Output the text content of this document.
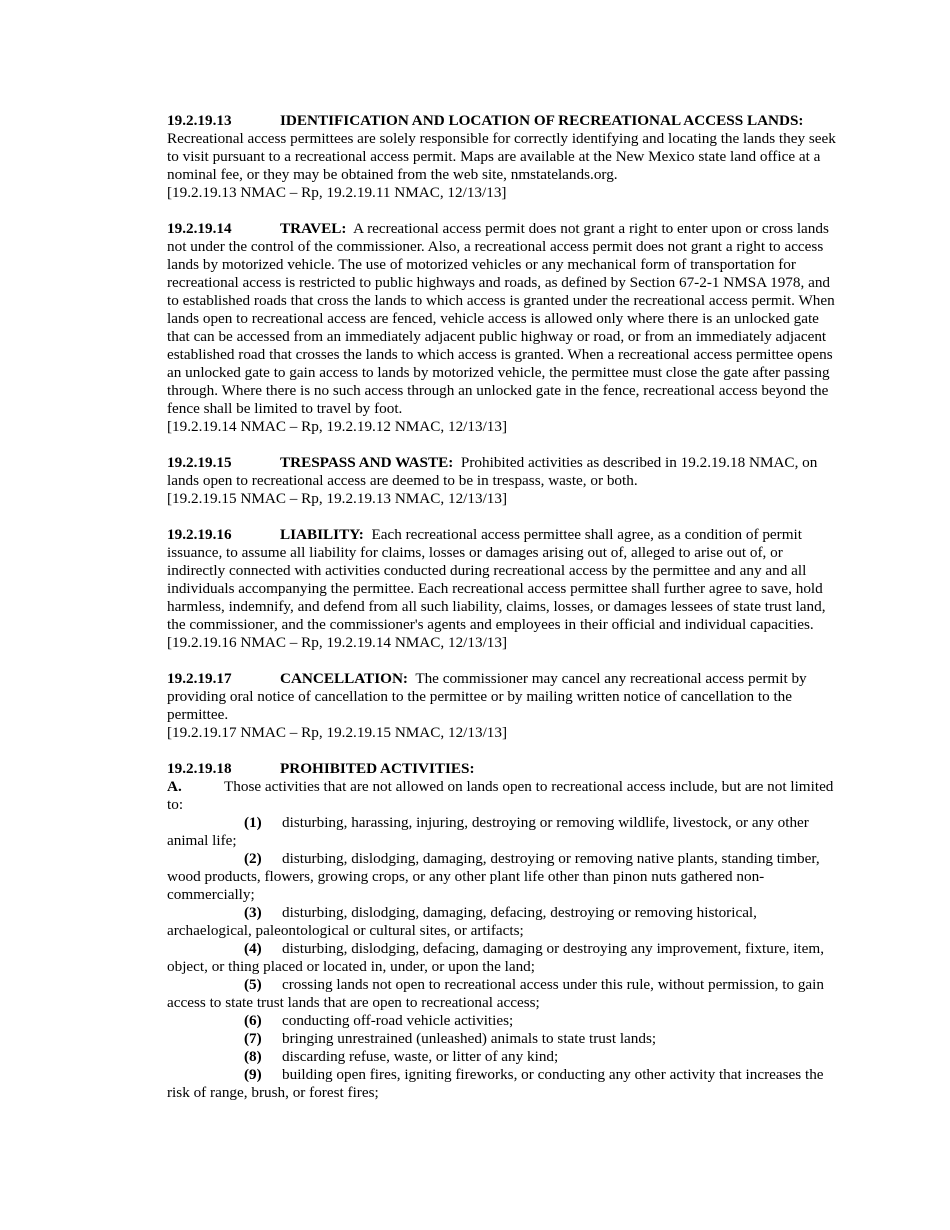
19.2.19.13	IDENTIFICATION AND LOCATION OF RECREATIONAL ACCESS LANDS:

Recreational access permittees are solely responsible for correctly identifying and locating the lands they seek to visit pursuant to a recreational access permit. Maps are available at the New Mexico state land office at a nominal fee, or they may be obtained from the web site, nmstatelands.org.

[19.2.19.13 NMAC – Rp, 19.2.19.11 NMAC, 12/13/13]

19.2.19.14	TRAVEL: A recreational access permit does not grant a right to enter upon or cross lands not under the control of the commissioner. Also, a recreational access permit does not grant a right to access lands by motorized vehicle. The use of motorized vehicles or any mechanical form of transportation for recreational access is restricted to public highways and roads, as defined by Section 67-2-1 NMSA 1978, and to established roads that cross the lands to which access is granted under the recreational access permit. When lands open to recreational access are fenced, vehicle access is allowed only where there is an unlocked gate that can be accessed from an immediately adjacent public highway or road, or from an immediately adjacent established road that crosses the lands to which access is granted. When a recreational access permittee opens an unlocked gate to gain access to lands by motorized vehicle, the permittee must close the gate after passing through. Where there is no such access through an unlocked gate in the fence, recreational access beyond the fence shall be limited to travel by foot.

[19.2.19.14 NMAC – Rp, 19.2.19.12 NMAC, 12/13/13]

19.2.19.15	TRESPASS AND WASTE: Prohibited activities as described in 19.2.19.18 NMAC, on lands open to recreational access are deemed to be in trespass, waste, or both.

[19.2.19.15 NMAC – Rp, 19.2.19.13 NMAC, 12/13/13]

19.2.19.16	LIABILITY: Each recreational access permittee shall agree, as a condition of permit issuance, to assume all liability for claims, losses or damages arising out of, alleged to arise out of, or indirectly connected with activities conducted during recreational access by the permittee and any and all individuals accompanying the permittee. Each recreational access permittee shall further agree to save, hold harmless, indemnify, and defend from all such liability, claims, losses, or damages lessees of state trust land, the commissioner, and the commissioner's agents and employees in their official and individual capacities.

[19.2.19.16 NMAC – Rp, 19.2.19.14 NMAC, 12/13/13]

19.2.19.17	CANCELLATION: The commissioner may cancel any recreational access permit by providing oral notice of cancellation to the permittee or by mailing written notice of cancellation to the permittee.

[19.2.19.17 NMAC – Rp, 19.2.19.15 NMAC, 12/13/13]

19.2.19.18	PROHIBITED ACTIVITIES:

A.	Those activities that are not allowed on lands open to recreational access include, but are not limited to:

(1) disturbing, harassing, injuring, destroying or removing wildlife, livestock, or any other animal life;

(2) disturbing, dislodging, damaging, destroying or removing native plants, standing timber, wood products, flowers, growing crops, or any other plant life other than pinon nuts gathered non-commercially;

(3) disturbing, dislodging, damaging, defacing, destroying or removing historical, archaelogical, paleontological or cultural sites, or artifacts;

(4) disturbing, dislodging, defacing, damaging or destroying any improvement, fixture, item, object, or thing placed or located in, under, or upon the land;

(5) crossing lands not open to recreational access under this rule, without permission, to gain access to state trust lands that are open to recreational access;

(6) conducting off-road vehicle activities;

(7) bringing unrestrained (unleashed) animals to state trust lands;

(8) discarding refuse, waste, or litter of any kind;

(9) building open fires, igniting fireworks, or conducting any other activity that increases the risk of range, brush, or forest fires;
